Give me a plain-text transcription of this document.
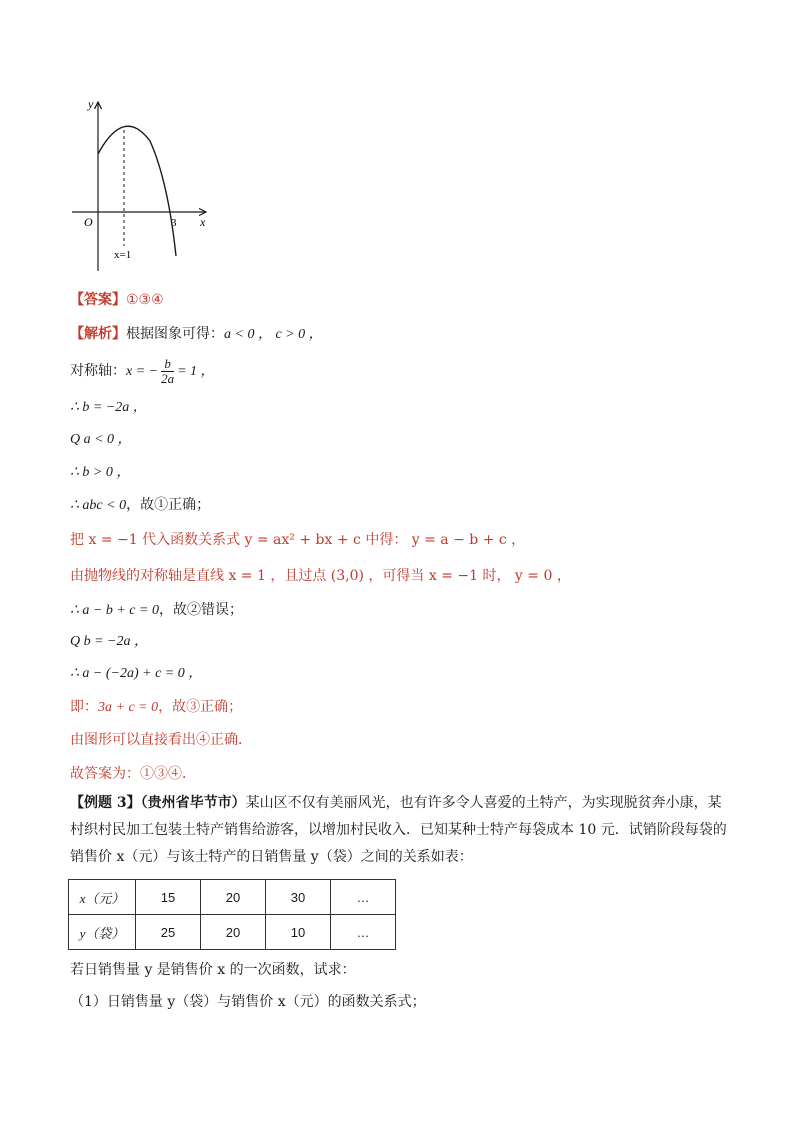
y
x
O	3
x=1
【答案】①③④
【解析】根据图象可得：a < 0 ， c > 0 ，
对称轴：x = − $\frac{b}{2a} = 1$ ，
∴ b = −2a ，
Q a < 0 ，
∴ b > 0 ，
∴ abc < 0，故①正确；
把 x = −1 代入函数关系式 y = ax² + bx + c 中得： y = a − b + c ，
由抛物线的对称轴是直线 x = 1 ，且过点 (3,0) ，可得当 x = −1 时， y = 0 ，
∴ a − b + c = 0，故②错误；
Q b = −2a ，
∴ a − (−2a) + c = 0 ，
即：3a + c = 0，故③正确；
由图形可以直接看出④正确．
故答案为：①③④．
【例题 3】（贵州省毕节市）某山区不仅有美丽风光，也有许多令人喜爱的土特产，为实现脱贫奔小康，某村织村民加工包装土特产销售给游客，以增加村民收入．已知某种士特产每袋成本 10 元．试销阶段每袋的销售价 x（元）与该士特产的日销售量 y（袋）之间的关系如表：
x（元）	15	20	30	…
y（袋）	25	20	10	…
若日销售量 y 是销售价 x 的一次函数，试求：
（1）日销售量 y（袋）与销售价 x（元）的函数关系式；
